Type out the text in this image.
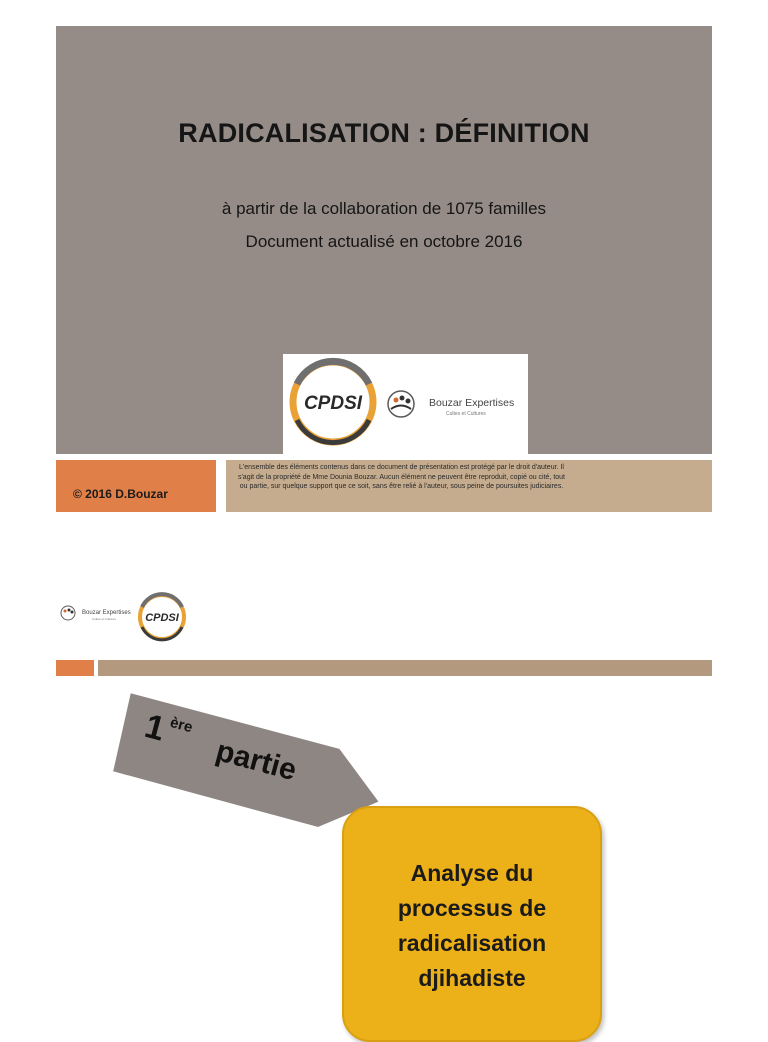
RADICALISATION : DÉFINITION
à partir de la collaboration de 1075 familles
Document actualisé en octobre 2016
CPDSI	Bouzar Expertises
Cultes et Cultures
© 2016 D.Bouzar
L'ensemble des éléments contenus dans ce document de présentation est protégé par le droit d'auteur. Il s'agit de la propriété de Mme Dounia Bouzar. Aucun élément ne peuvent être reproduit, copié ou cité, tout ou partie, sur quelque support que ce soit, sans être relié à l'auteur, sous peine de poursuites judiciaires.
Bouzar Expertises
Cultes et Cultures	CPDSI
1 ère
partie
Analyse du
processus de
radicalisation
djihadiste
